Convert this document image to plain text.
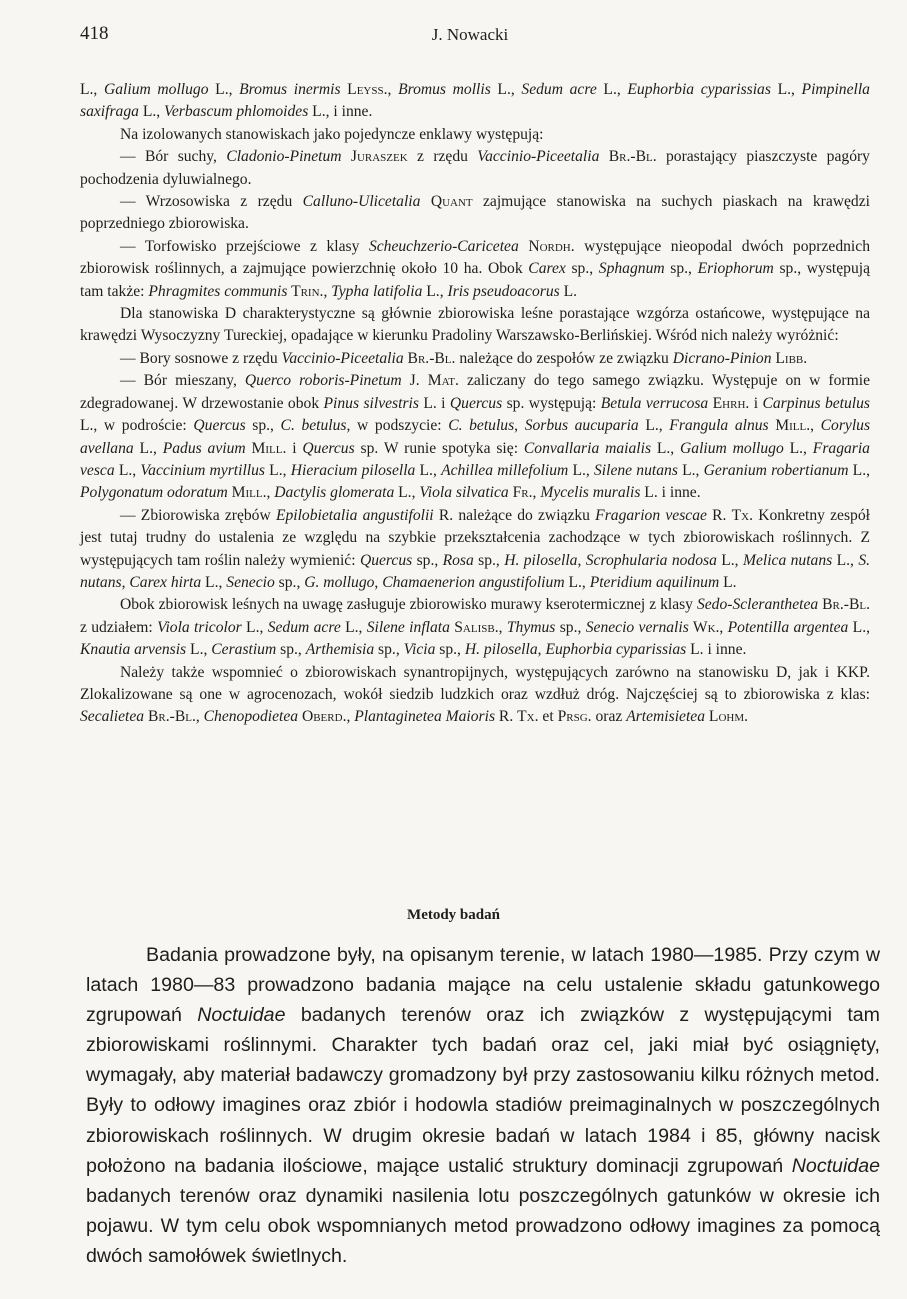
418	J. Nowacki

L., Galium mollugo L., Bromus inermis Leyss., Bromus mollis L., Sedum acre L., Euphorbia cyparissias L., Pimpinella saxifraga L., Verbascum phlomoides L., i inne.

Na izolowanych stanowiskach jako pojedyncze enklawy występują:

— Bór suchy, Cladonio-Pinetum Juraszek z rzędu Vaccinio-Piceetalia Br.-Bl. porastający piaszczyste pagóry pochodzenia dyluwialnego.

— Wrzosowiska z rzędu Calluno-Ulicetalia Quant zajmujące stanowiska na suchych piaskach na krawędzi poprzedniego zbiorowiska.

— Torfowisko przejściowe z klasy Scheuchzerio-Caricetea Nordh. występujące nieopodal dwóch poprzednich zbiorowisk roślinnych, a zajmujące powierzchnię około 10 ha. Obok Carex sp., Sphagnum sp., Eriophorum sp., występują tam także: Phragmites communis Trin., Typha latifolia L., Iris pseudoacorus L.

Dla stanowiska D charakterystyczne są głównie zbiorowiska leśne porastające wzgórza ostańcowe, występujące na krawędzi Wysoczyzny Tureckiej, opadające w kierunku Pradoliny Warszawsko-Berlińskiej. Wśród nich należy wyróżnić:

— Bory sosnowe z rzędu Vaccinio-Piceetalia Br.-Bl. należące do zespołów ze związku Dicrano-Pinion Libb.

— Bór mieszany, Querco roboris-Pinetum J. Mat. zaliczany do tego samego związku. Występuje on w formie zdegradowanej. W drzewostanie obok Pinus silvestris L. i Quercus sp. występują: Betula verrucosa Ehrh. i Carpinus betulus L., w podroście: Quercus sp., C. betulus, w podszycie: C. betulus, Sorbus aucuparia L., Frangula alnus Mill., Corylus avellana L., Padus avium Mill. i Quercus sp. W runie spotyka się: Convallaria maialis L., Galium mollugo L., Fragaria vesca L., Vaccinium myrtillus L., Hieracium pilosella L., Achillea millefolium L., Silene nutans L., Geranium robertianum L., Polygonatum odoratum Mill., Dactylis glomerata L., Viola silvatica Fr., Mycelis muralis L. i inne.

— Zbiorowiska zrębów Epilobietalia angustifolii R. należące do związku Fragarion vescae R. Tx. Konkretny zespół jest tutaj trudny do ustalenia ze względu na szybkie przekształcenia zachodzące w tych zbiorowiskach roślinnych. Z występujących tam roślin należy wymienić: Quercus sp., Rosa sp., H. pilosella, Scrophularia nodosa L., Melica nutans L., S. nutans, Carex hirta L., Senecio sp., G. mollugo, Chamaenerion angustifolium L., Pteridium aquilinum L.

Obok zbiorowisk leśnych na uwagę zasługuje zbiorowisko murawy kserotermicznej z klasy Sedo-Scleranthetea Br.-Bl. z udziałem: Viola tricolor L., Sedum acre L., Silene inflata Salisb., Thymus sp., Senecio vernalis Wk., Potentilla argentea L., Knautia arvensis L., Cerastium sp., Arthemisia sp., Vicia sp., H. pilosella, Euphorbia cyparissias L. i inne.

Należy także wspomnieć o zbiorowiskach synantropijnych, występujących zarówno na stanowisku D, jak i KKP. Zlokalizowane są one w agrocenozach, wokół siedzib ludzkich oraz wzdłuż dróg. Najczęściej są to zbiorowiska z klas: Secalietea Br.-Bl., Chenopodietea Oberd., Plantaginetea Maioris R. Tx. et Prsg. oraz Artemisietea Lohm.

Metody badań

Badania prowadzone były, na opisanym terenie, w latach 1980—1985. Przy czym w latach 1980—83 prowadzono badania mające na celu ustalenie składu gatunkowego zgrupowań Noctuidae badanych terenów oraz ich związków z występującymi tam zbiorowiskami roślinnymi. Charakter tych badań oraz cel, jaki miał być osiągnięty, wymagały, aby materiał badawczy gromadzony był przy zastosowaniu kilku różnych metod. Były to odłowy imagines oraz zbiór i hodowla stadiów preimaginalnych w poszczególnych zbiorowiskach roślinnych. W drugim okresie badań w latach 1984 i 85, główny nacisk położono na badania ilościowe, mające ustalić struktury dominacji zgrupowań Noctuidae badanych terenów oraz dynamiki nasilenia lotu poszczególnych gatunków w okresie ich pojawu. W tym celu obok wspomnianych metod prowadzono odłowy imagines za pomocą dwóch samołówek świetlnych.
